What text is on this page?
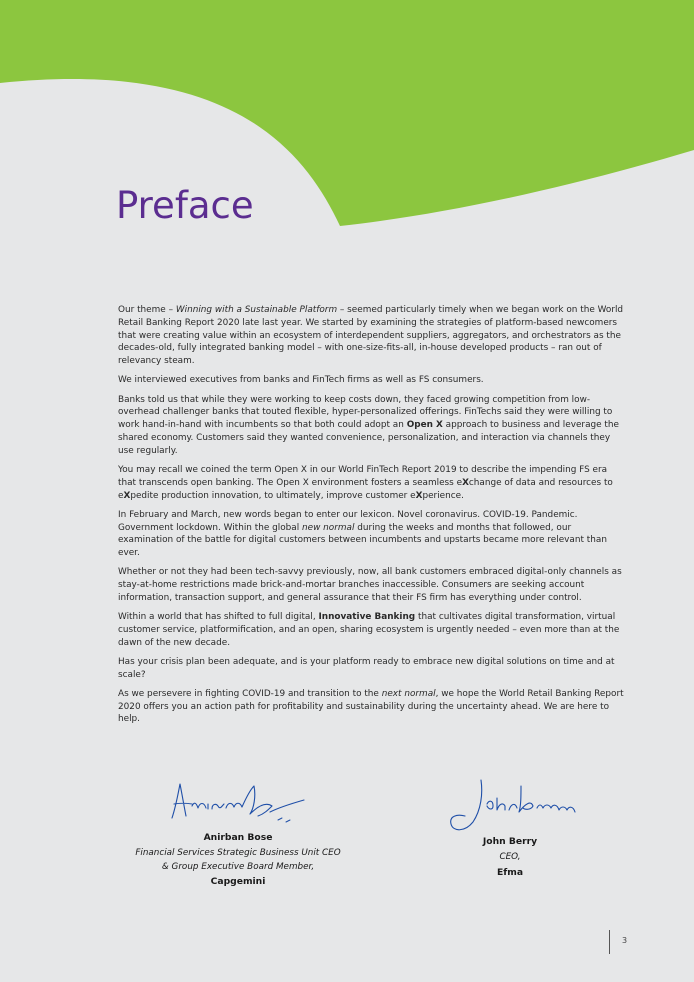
Preface

Our theme – Winning with a Sustainable Platform – seemed particularly timely when we began work on the World Retail Banking Report 2020 late last year. We started by examining the strategies of platform-based newcomers that were creating value within an ecosystem of interdependent suppliers, aggregators, and orchestrators as the decades-old, fully integrated banking model – with one-size-fits-all, in-house developed products – ran out of relevancy steam.

We interviewed executives from banks and FinTech firms as well as FS consumers.

Banks told us that while they were working to keep costs down, they faced growing competition from low-overhead challenger banks that touted flexible, hyper-personalized offerings. FinTechs said they were willing to work hand-in-hand with incumbents so that both could adopt an Open X approach to business and leverage the shared economy. Customers said they wanted convenience, personalization, and interaction via channels they use regularly.

You may recall we coined the term Open X in our World FinTech Report 2019 to describe the impending FS era that transcends open banking. The Open X environment fosters a seamless eXchange of data and resources to eXpedite production innovation, to ultimately, improve customer eXperience.

In February and March, new words began to enter our lexicon. Novel coronavirus. COVID-19. Pandemic. Government lockdown. Within the global new normal during the weeks and months that followed, our examination of the battle for digital customers between incumbents and upstarts became more relevant than ever.

Whether or not they had been tech-savvy previously, now, all bank customers embraced digital-only channels as stay-at-home restrictions made brick-and-mortar branches inaccessible. Consumers are seeking account information, transaction support, and general assurance that their FS firm has everything under control.

Within a world that has shifted to full digital, Innovative Banking that cultivates digital transformation, virtual customer service, platformification, and an open, sharing ecosystem is urgently needed – even more than at the dawn of the new decade.

Has your crisis plan been adequate, and is your platform ready to embrace new digital solutions on time and at scale?

As we persevere in fighting COVID-19 and transition to the next normal, we hope the World Retail Banking Report 2020 offers you an action path for profitability and sustainability during the uncertainty ahead. We are here to help.

Anirban Bose
Financial Services Strategic Business Unit CEO
& Group Executive Board Member,
Capgemini
John Berry
CEO,
Efma
3
